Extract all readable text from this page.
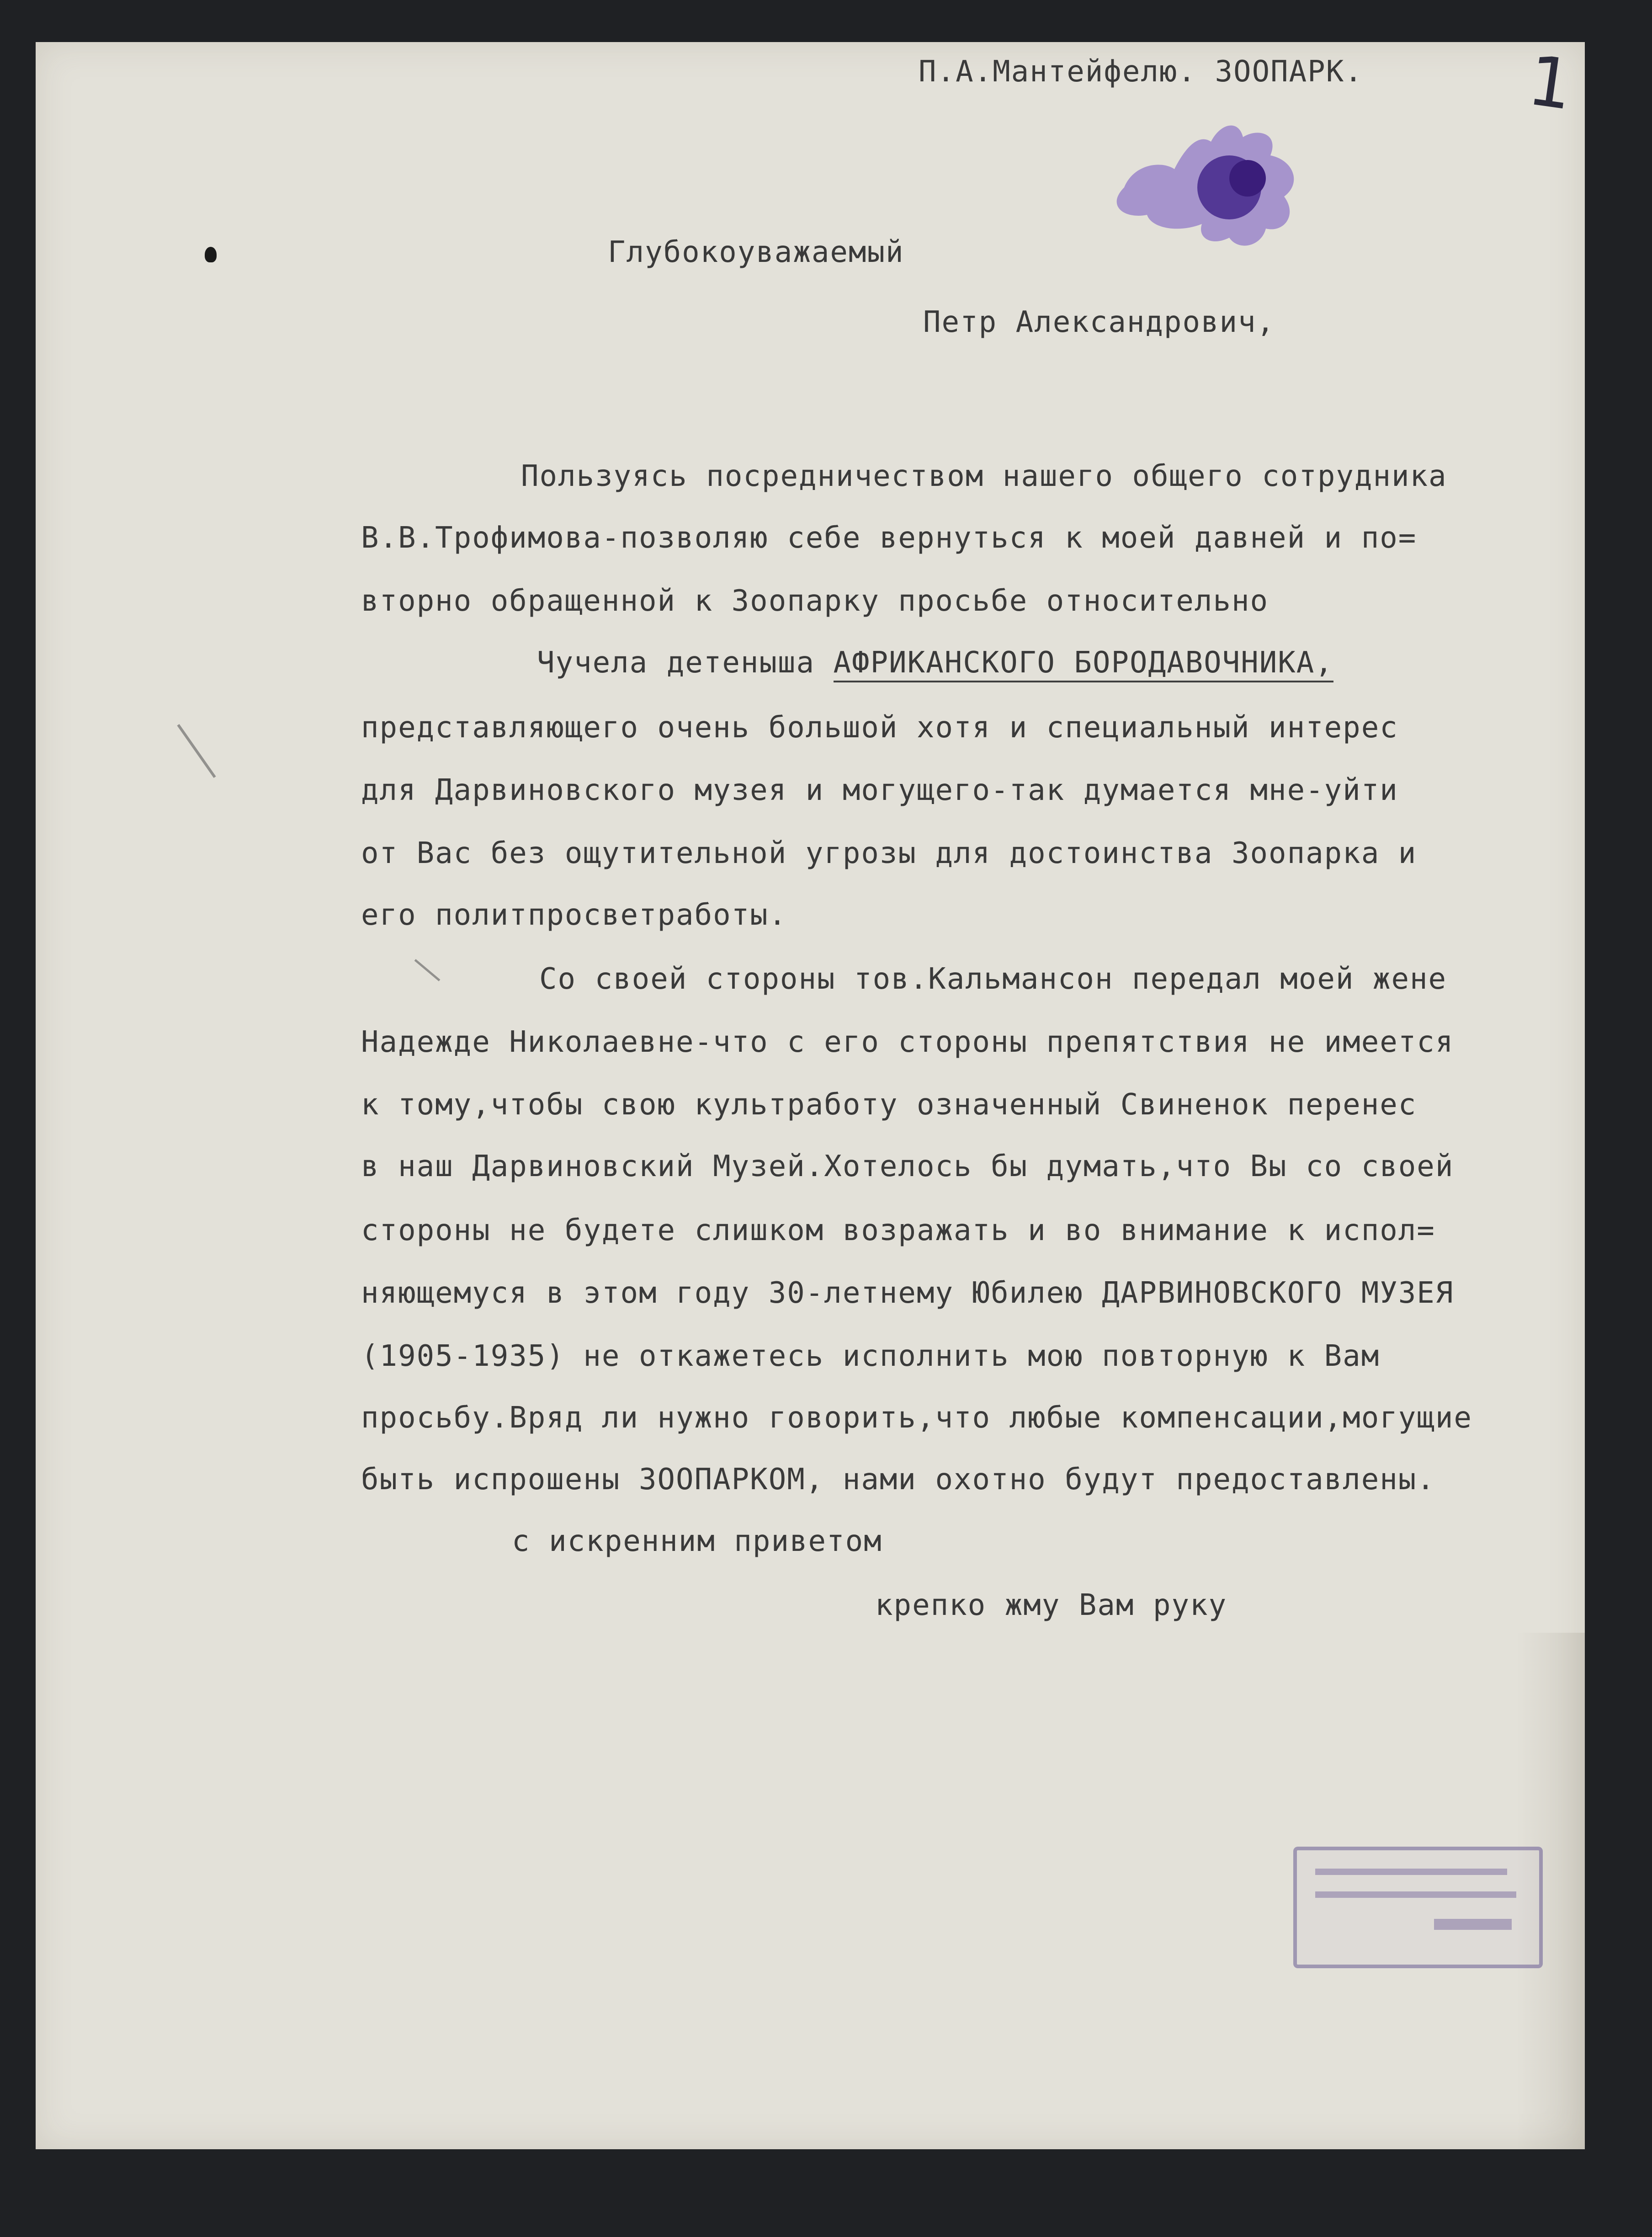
1
П.А.Мантейфелю. ЗООПАРК.
Глубокоуважаемый
Петр Александрович,
Пользуясь посредничеством нашего общего сотрудника
В.В.Трофимова-позволяю себе вернуться к моей давней и по=
вторно обращенной к Зоопарку просьбе относительно
Чучела детеныша АФРИКАНСКОГО БОРОДАВОЧНИКА,
представляющего очень большой хотя и специальный интерес
для Дарвиновского музея и могущего-так думается мне-уйти
от Вас без ощутительной угрозы для достоинства Зоопарка и
его политпросветработы.
Со своей стороны тов.Кальмансон передал моей жене
Надежде Николаевне-что с его стороны препятствия не имеется
к тому,чтобы свою культработу означенный Свиненок перенес
в наш Дарвиновский Музей.Хотелось бы думать,что Вы со своей
стороны не будете слишком возражать и во внимание к испол=
няющемуся в этом году 30-летнему Юбилею ДАРВИНОВСКОГО МУЗЕЯ
(1905-1935) не откажетесь исполнить мою повторную к Вам
просьбу.Вряд ли нужно говорить,что любые компенсации,могущие
быть испрошены ЗООПАРКОМ, нами охотно будут предоставлены.
с искренним приветом
крепко жму Вам руку
